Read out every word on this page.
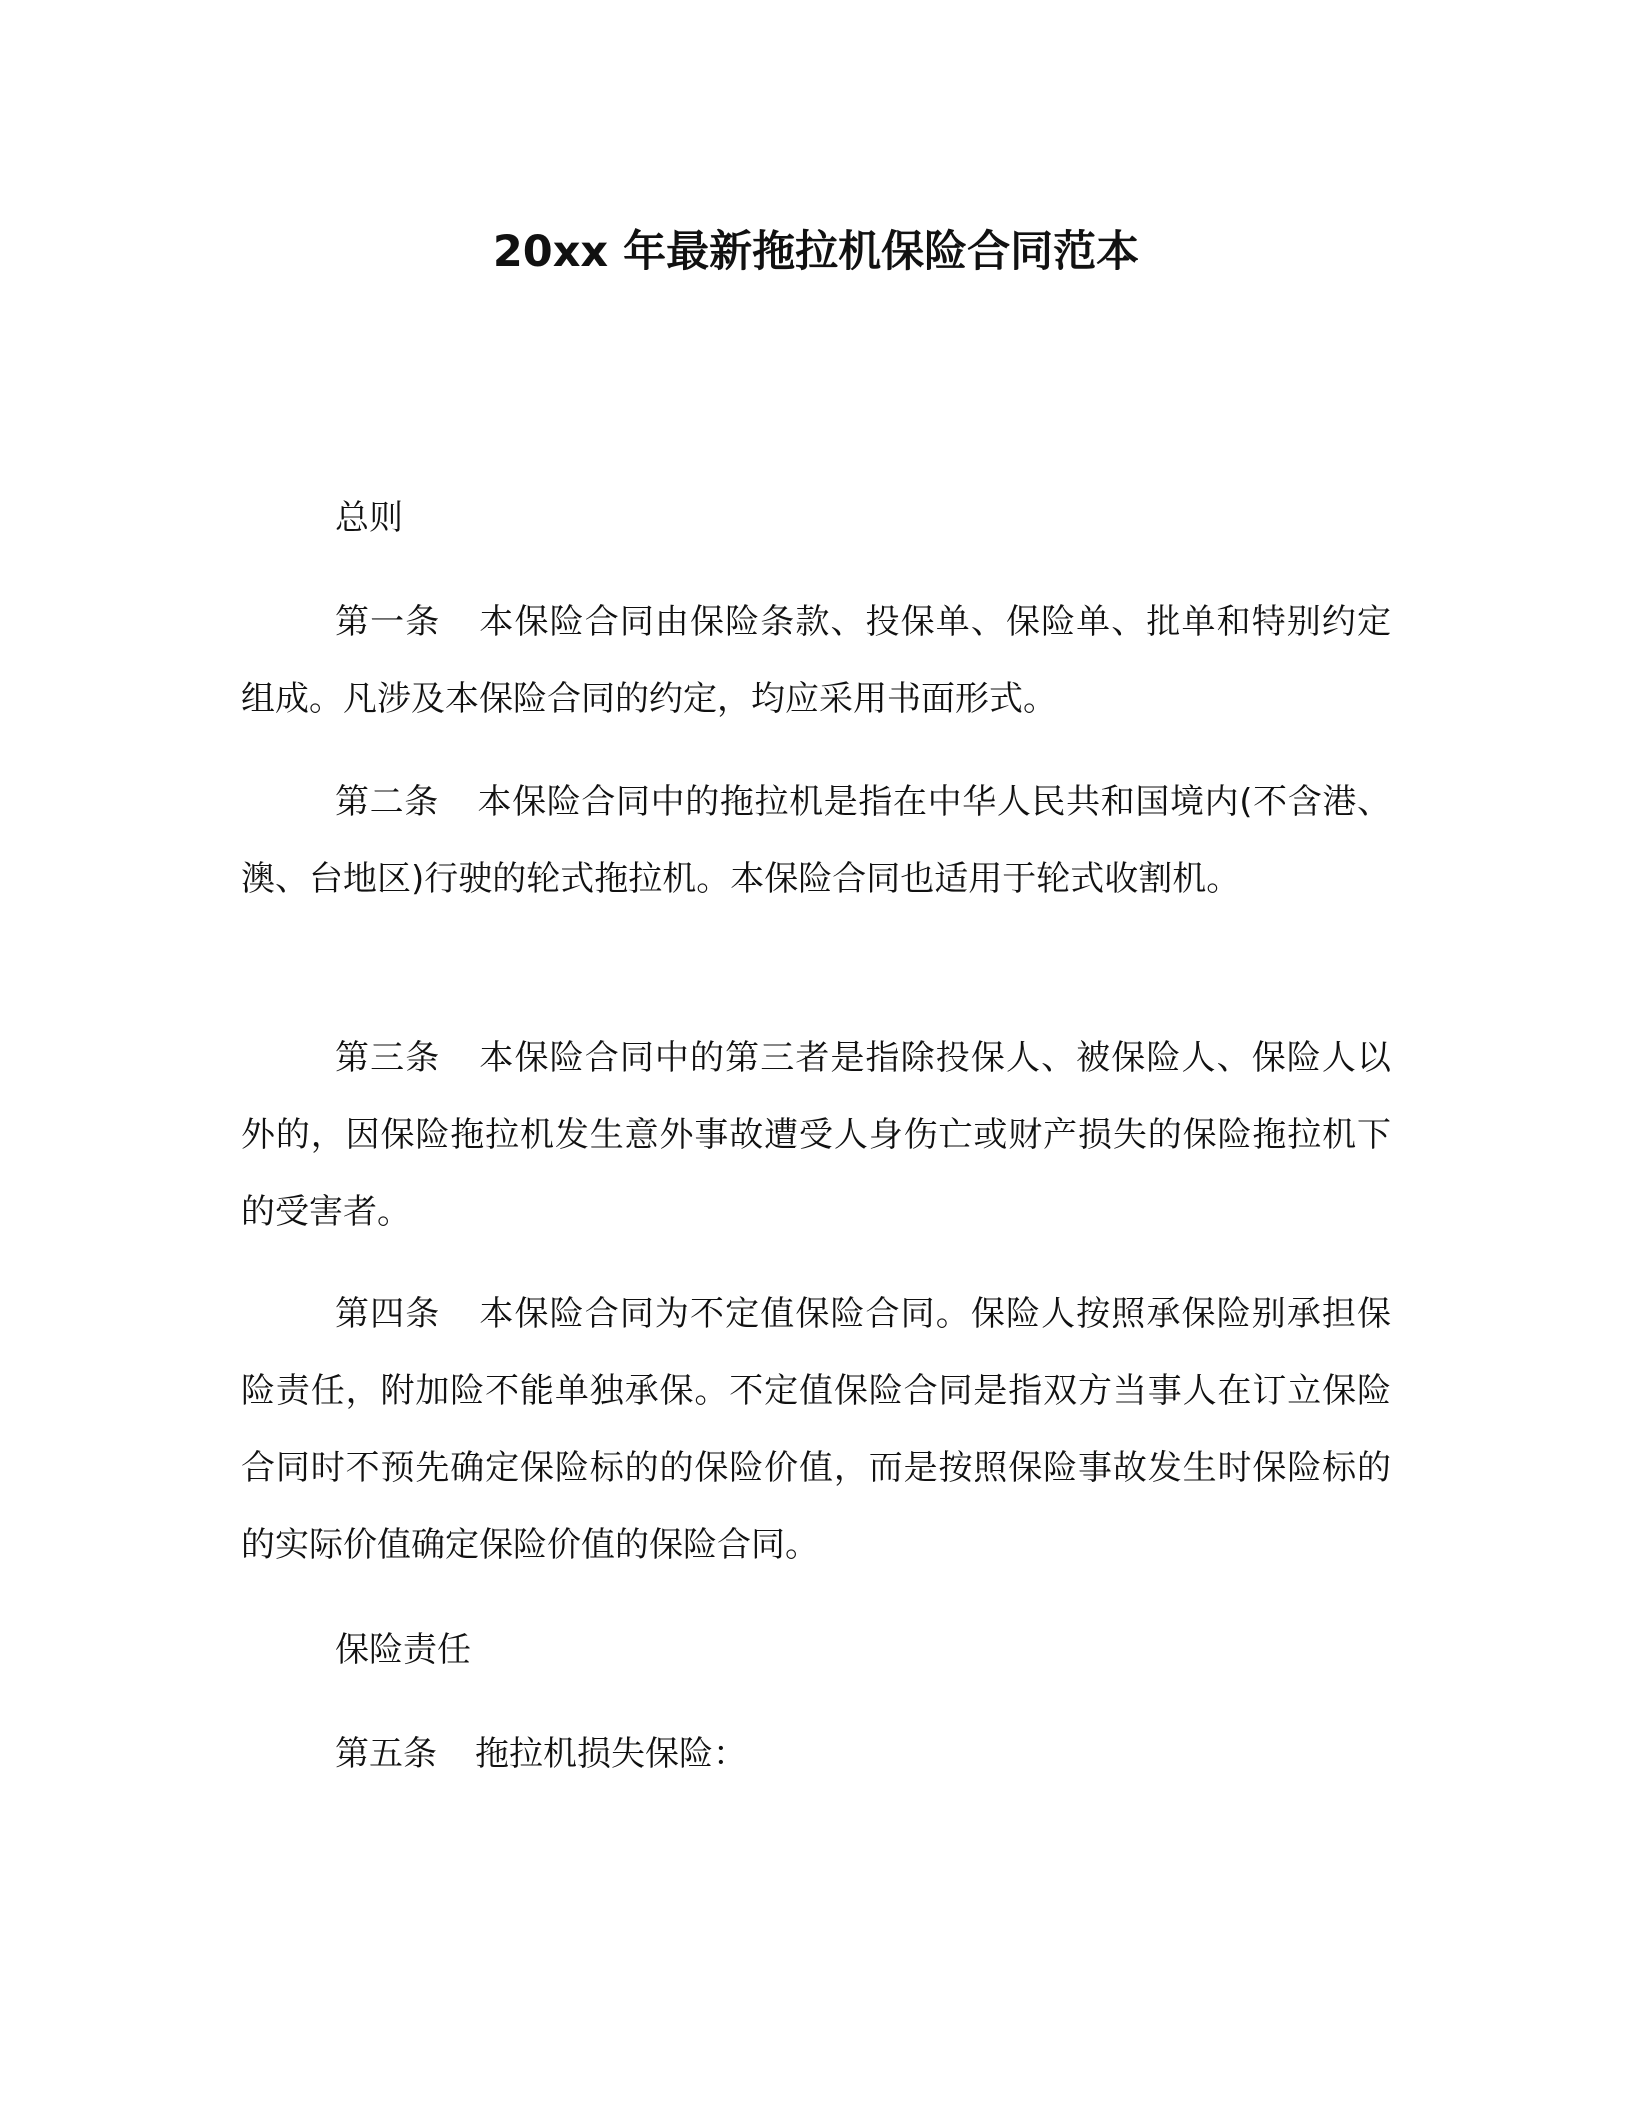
20xx 年最新拖拉机保险合同范本
总则

第一条 本保险合同由保险条款、投保单、保险单、批单和特别约定组成。凡涉及本保险合同的约定，均应采用书面形式。

第二条 本保险合同中的拖拉机是指在中华人民共和国境内(不含港、澳、台地区)行驶的轮式拖拉机。本保险合同也适用于轮式收割机。

第三条 本保险合同中的第三者是指除投保人、被保险人、保险人以外的，因保险拖拉机发生意外事故遭受人身伤亡或财产损失的保险拖拉机下的受害者。

第四条 本保险合同为不定值保险合同。保险人按照承保险别承担保险责任，附加险不能单独承保。不定值保险合同是指双方当事人在订立保险合同时不预先确定保险标的的保险价值，而是按照保险事故发生时保险标的的实际价值确定保险价值的保险合同。

保险责任

第五条 拖拉机损失保险：
